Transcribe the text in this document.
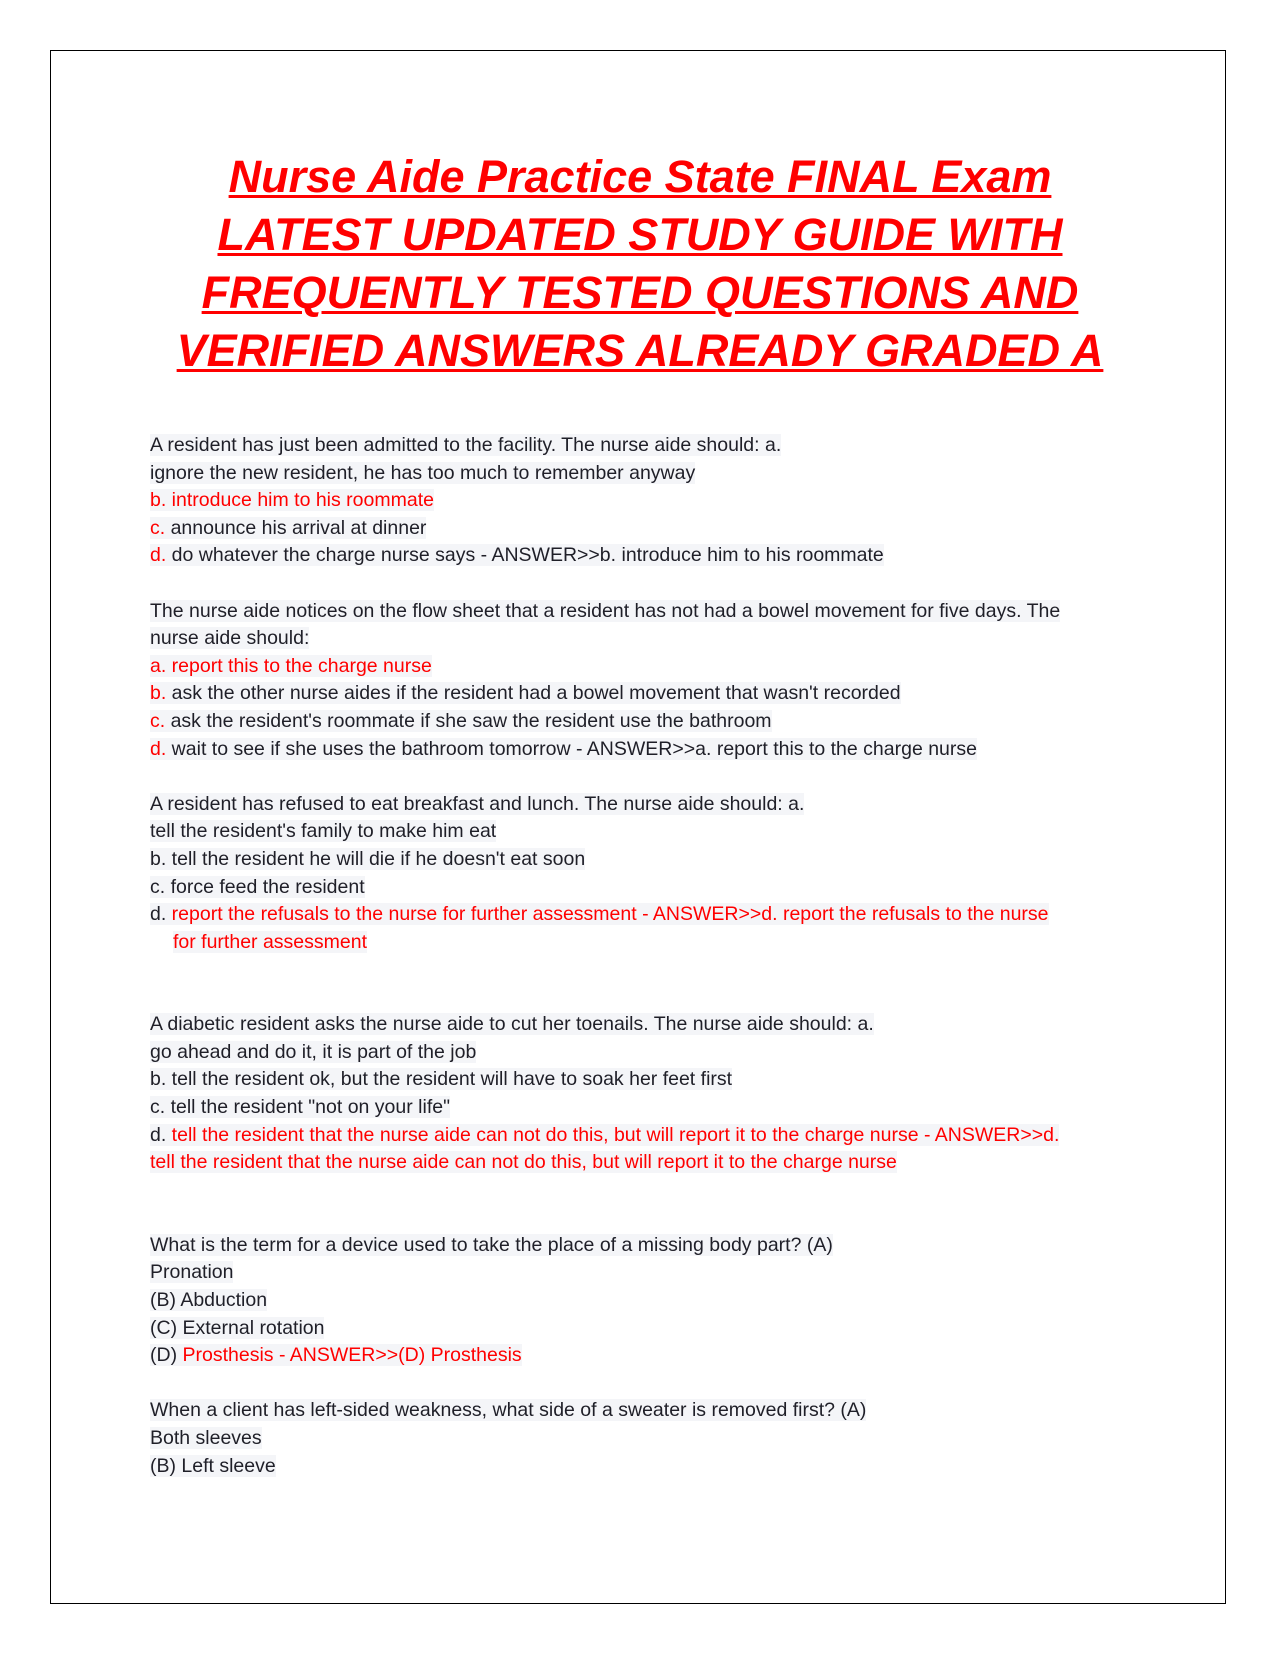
Nurse Aide Practice State FINAL Exam
LATEST UPDATED STUDY GUIDE WITH
FREQUENTLY TESTED QUESTIONS AND
VERIFIED ANSWERS ALREADY GRADED A
A resident has just been admitted to the facility. The nurse aide should: a.
ignore the new resident, he has too much to remember anyway
b. introduce him to his roommate
c. announce his arrival at dinner
d. do whatever the charge nurse says - ANSWER>>b. introduce him to his roommate
The nurse aide notices on the flow sheet that a resident has not had a bowel movement for five days. The
nurse aide should:
a. report this to the charge nurse
b. ask the other nurse aides if the resident had a bowel movement that wasn't recorded
c. ask the resident's roommate if she saw the resident use the bathroom
d. wait to see if she uses the bathroom tomorrow - ANSWER>>a. report this to the charge nurse
A resident has refused to eat breakfast and lunch. The nurse aide should: a.
tell the resident's family to make him eat
b. tell the resident he will die if he doesn't eat soon
c. force feed the resident
d. report the refusals to the nurse for further assessment - ANSWER>>d. report the refusals to the nurse
for further assessment
A diabetic resident asks the nurse aide to cut her toenails. The nurse aide should: a.
go ahead and do it, it is part of the job
b. tell the resident ok, but the resident will have to soak her feet first
c. tell the resident "not on your life"
d. tell the resident that the nurse aide can not do this, but will report it to the charge nurse - ANSWER>>d.
tell the resident that the nurse aide can not do this, but will report it to the charge nurse
What is the term for a device used to take the place of a missing body part? (A)
Pronation
(B) Abduction
(C) External rotation
(D) Prosthesis - ANSWER>>(D) Prosthesis
When a client has left-sided weakness, what side of a sweater is removed first? (A)
Both sleeves
(B) Left sleeve
